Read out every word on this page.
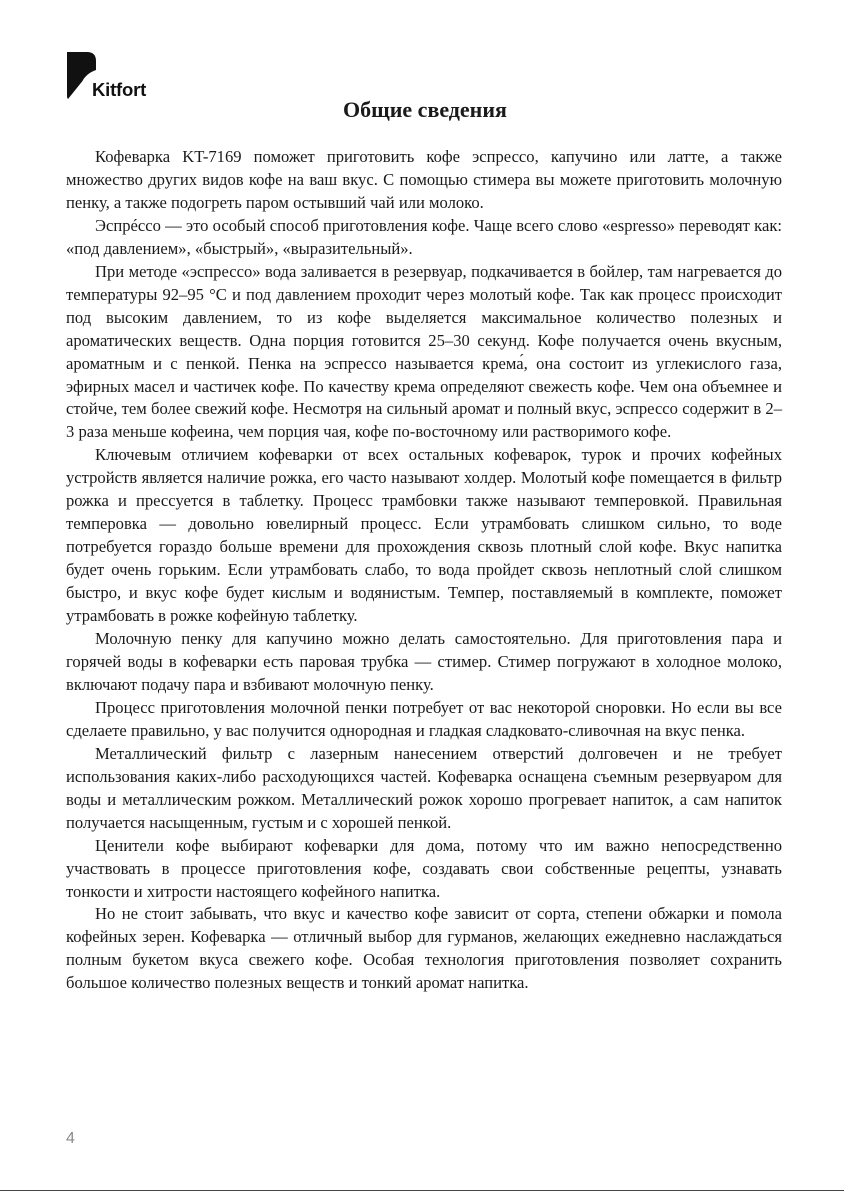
Kitfort
Общие сведения

Кофеварка KT-7169 поможет приготовить кофе эспрессо, капучино или латте, а также множество других видов кофе на ваш вкус. С помощью стимера вы можете приготовить молочную пенку, а также подогреть паром остывший чай или молоко.

Эспрéссо — это особый способ приготовления кофе. Чаще всего слово «espresso» переводят как: «под давлением», «быстрый», «выразительный».

При методе «эспрессо» вода заливается в резервуар, подкачивается в бойлер, там нагревается до температуры 92–95 °C и под давлением проходит через молотый кофе. Так как процесс происходит под высоким давлением, то из кофе выделяется максимальное количество полезных и ароматических веществ. Одна порция готовится 25–30 секунд. Кофе получается очень вкусным, ароматным и с пенкой. Пенка на эспрессо называется крема́, она состоит из углекислого газа, эфирных масел и частичек кофе. По качеству крема определяют свежесть кофе. Чем она объемнее и стойче, тем более свежий кофе. Несмотря на сильный аромат и полный вкус, эспрессо содержит в 2–3 раза меньше кофеина, чем порция чая, кофе по-восточному или растворимого кофе.

Ключевым отличием кофеварки от всех остальных кофеварок, турок и прочих кофейных устройств является наличие рожка, его часто называют холдер. Молотый кофе помещается в фильтр рожка и прессуется в таблетку. Процесс трамбовки также называют темперовкой. Правильная темперовка — довольно ювелирный процесс. Если утрамбовать слишком сильно, то воде потребуется гораздо больше времени для прохождения сквозь плотный слой кофе. Вкус напитка будет очень горьким. Если утрамбовать слабо, то вода пройдет сквозь неплотный слой слишком быстро, и вкус кофе будет кислым и водянистым. Темпер, поставляемый в комплекте, поможет утрамбовать в рожке кофейную таблетку.

Молочную пенку для капучино можно делать самостоятельно. Для приготовления пара и горячей воды в кофеварки есть паровая трубка — стимер. Стимер погружают в холодное молоко, включают подачу пара и взбивают молочную пенку.

Процесс приготовления молочной пенки потребует от вас некоторой сноровки. Но если вы все сделаете правильно, у вас получится однородная и гладкая сладковато-сливочная на вкус пенка.

Металлический фильтр с лазерным нанесением отверстий долговечен и не требует использования каких-либо расходующихся частей. Кофеварка оснащена съемным резервуаром для воды и металлическим рожком. Металлический рожок хорошо прогревает напиток, а сам напиток получается насыщенным, густым и с хорошей пенкой.

Ценители кофе выбирают кофеварки для дома, потому что им важно непосредственно участвовать в процессе приготовления кофе, создавать свои собственные рецепты, узнавать тонкости и хитрости настоящего кофейного напитка.

Но не стоит забывать, что вкус и качество кофе зависит от сорта, степени обжарки и помола кофейных зерен. Кофеварка — отличный выбор для гурманов, желающих ежедневно наслаждаться полным букетом вкуса свежего кофе. Особая технология приготовления позволяет сохранить большое количество полезных веществ и тонкий аромат напитка.

4
